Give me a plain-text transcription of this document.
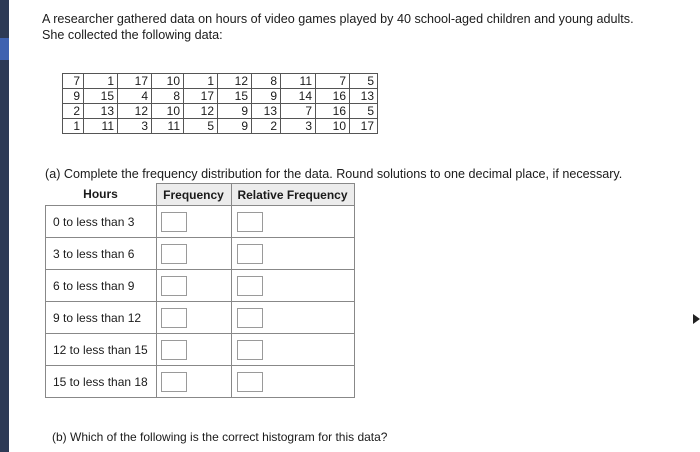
A researcher gathered data on hours of video games played by 40 school-aged children and young adults.
She collected the following data:
7	1	17	10	1	12	8	11	7	5
9	15	4	8	17	15	9	14	16	13
2	13	12	10	12	9	13	7	16	5
1	11	3	11	5	9	2	3	10	17
(a) Complete the frequency distribution for the data. Round solutions to one decimal place, if necessary.
Hours	Frequency	Relative Frequency
0 to less than 3		
3 to less than 6		
6 to less than 9		
9 to less than 12		
12 to less than 15		
15 to less than 18		
(b) Which of the following is the correct histogram for this data?
